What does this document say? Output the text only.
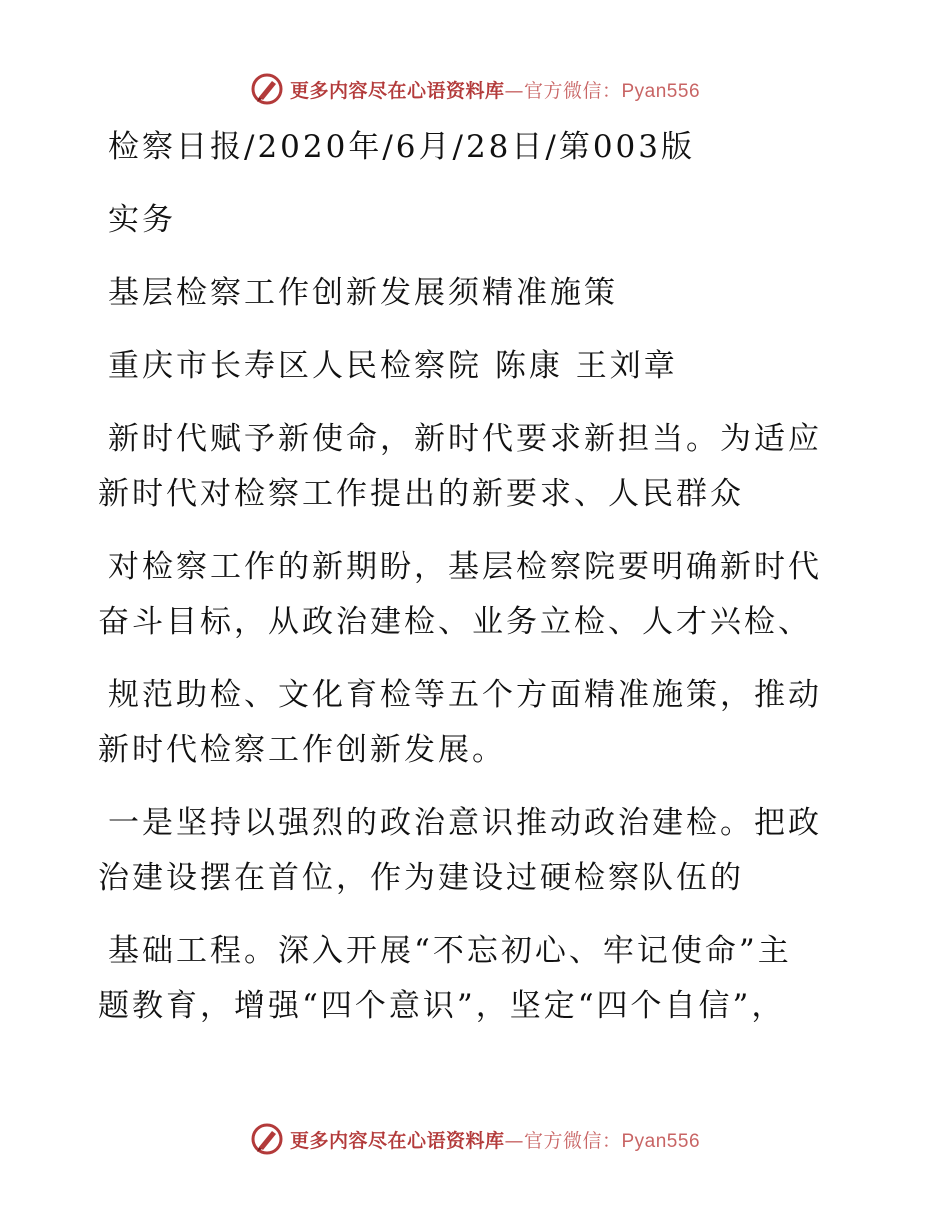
更多内容尽在心语资料库—官方微信：Pyan556
检察日报/2020年/6月/28日/第003版
实务
基层检察工作创新发展须精准施策
重庆市长寿区人民检察院 陈康 王刘章
新时代赋予新使命，新时代要求新担当。为适应
新时代对检察工作提出的新要求、人民群众
对检察工作的新期盼，基层检察院要明确新时代
奋斗目标，从政治建检、业务立检、人才兴检、
规范助检、文化育检等五个方面精准施策，推动
新时代检察工作创新发展。
一是坚持以强烈的政治意识推动政治建检。把政
治建设摆在首位，作为建设过硬检察队伍的
基础工程。深入开展“不忘初心、牢记使命”主
题教育，增强“四个意识”，坚定“四个自信”，
更多内容尽在心语资料库—官方微信：Pyan556
